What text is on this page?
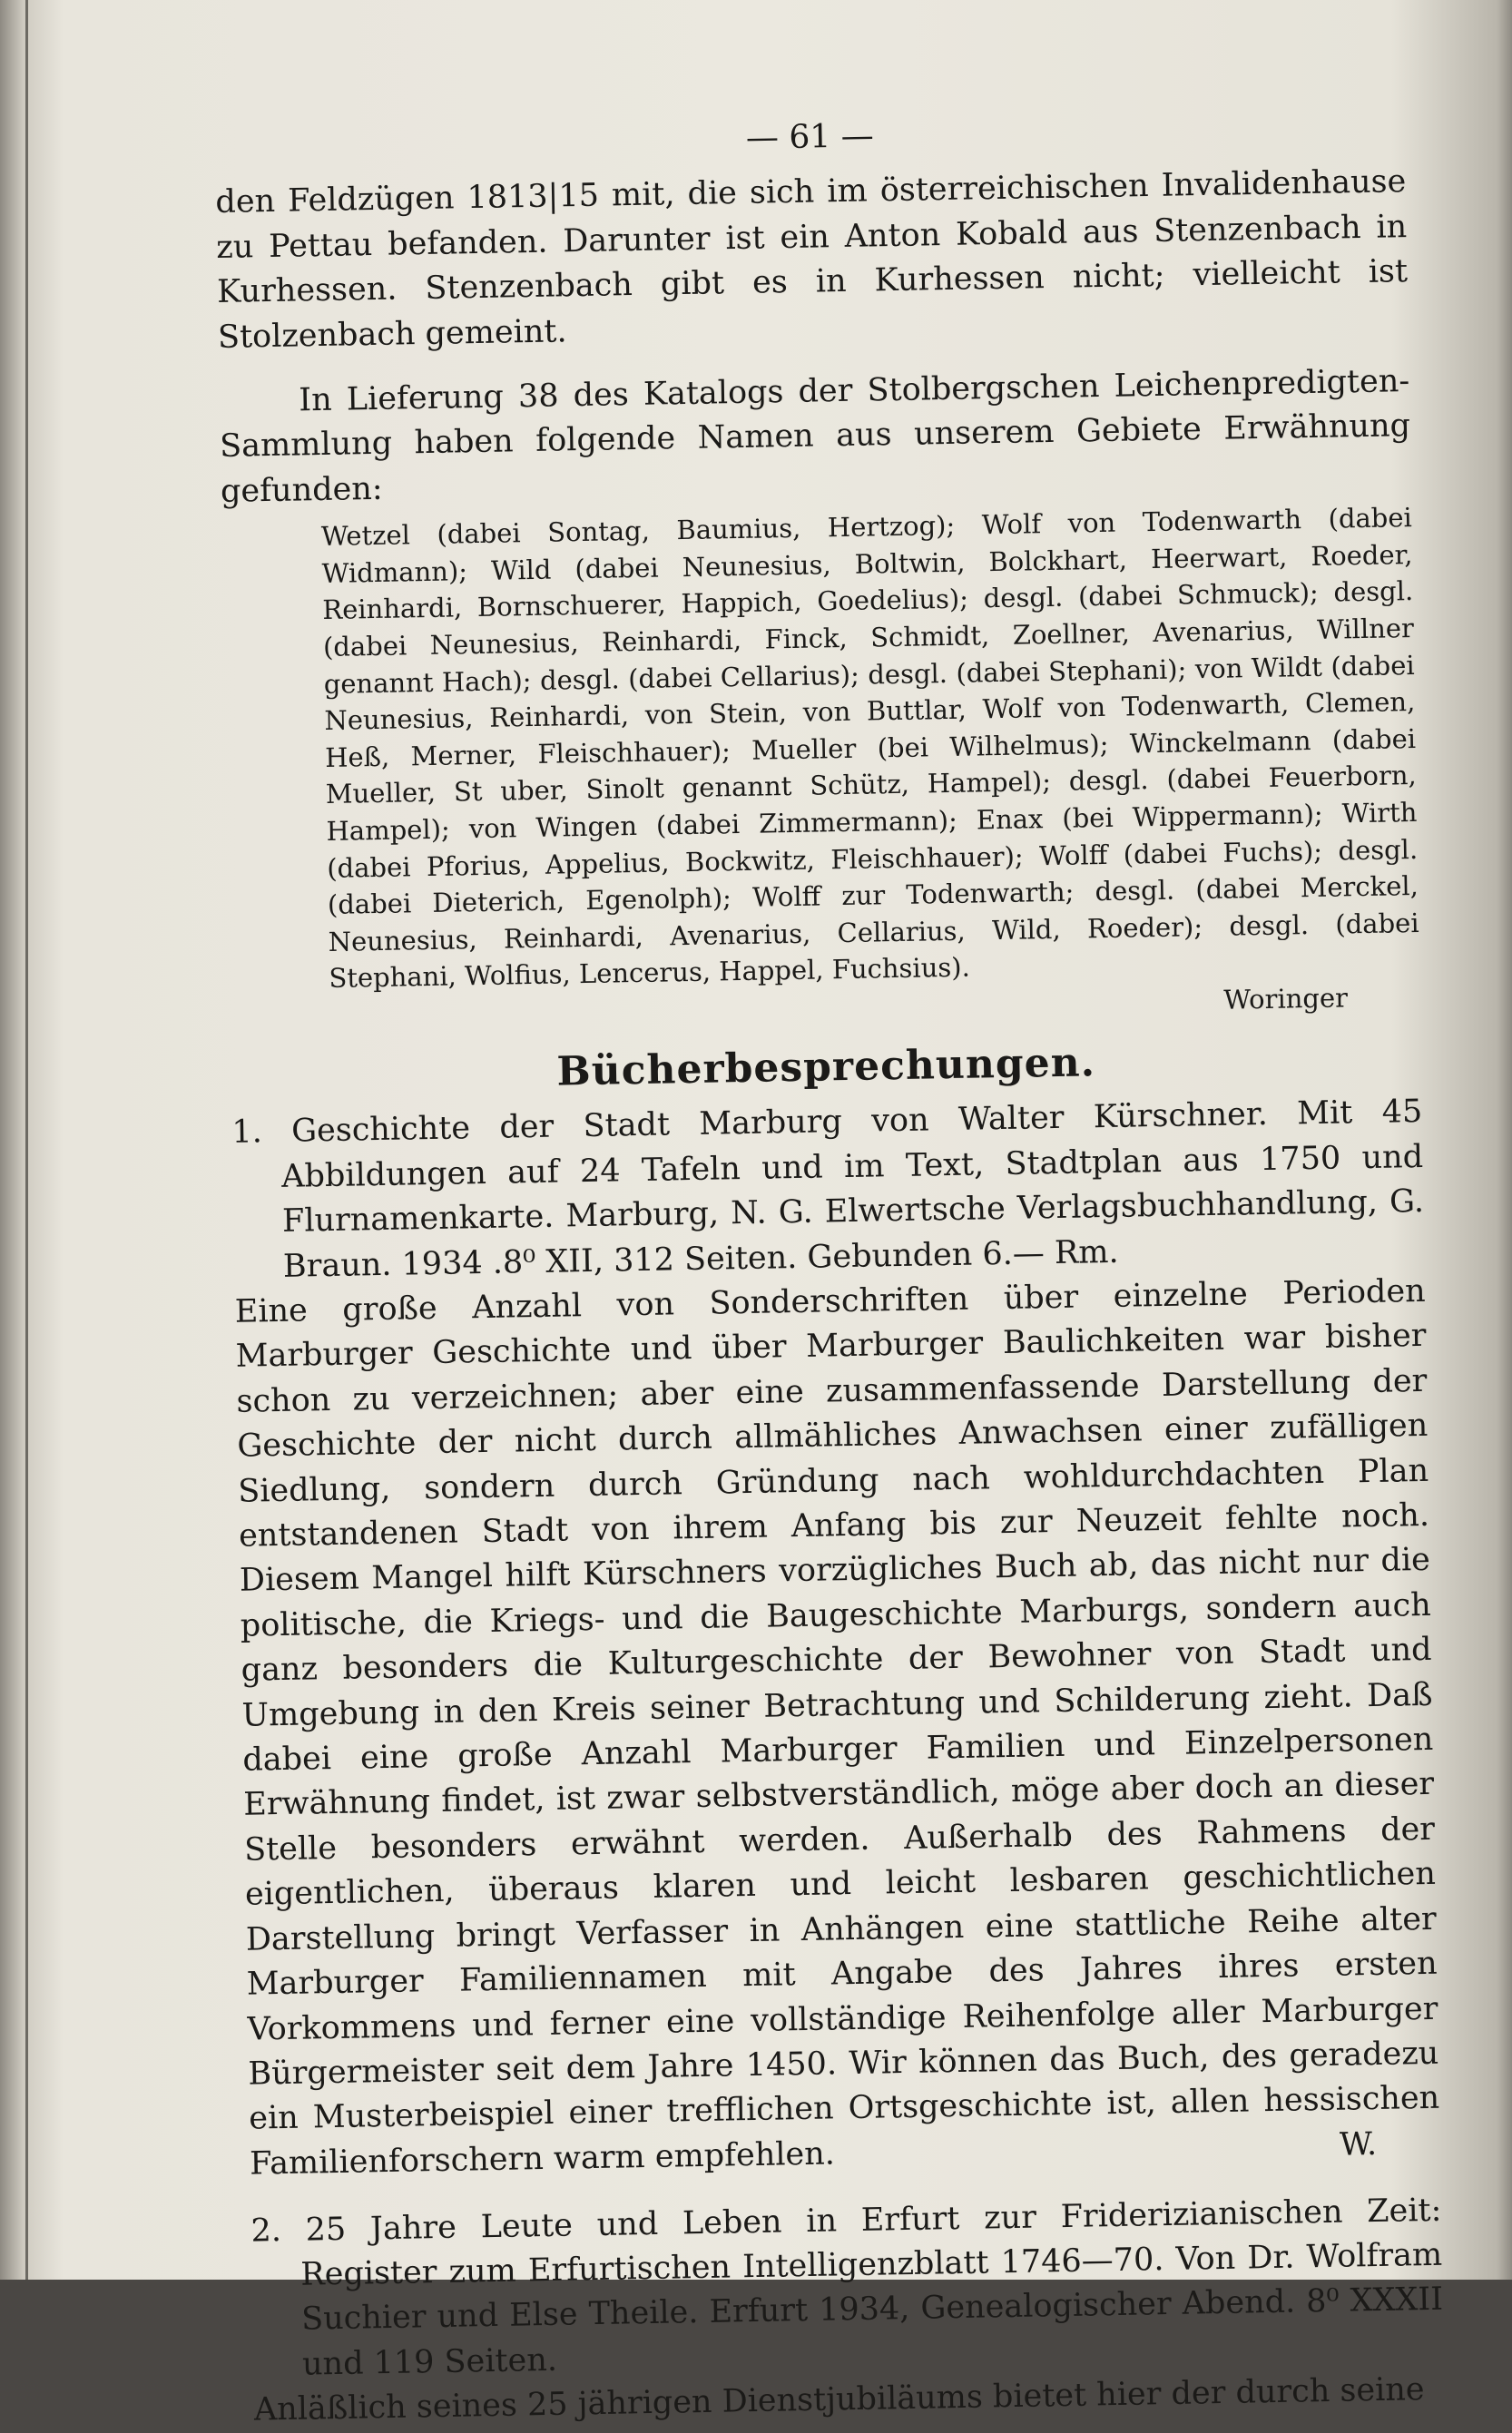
— 61 —

den Feldzügen 1813|15 mit, die sich im österreichischen Invalidenhause zu Pettau befanden. Darunter ist ein Anton Kobald aus Stenzenbach in Kurhessen. Stenzenbach gibt es in Kurhessen nicht; vielleicht ist Stolzenbach gemeint.

In Lieferung 38 des Katalogs der Stolbergschen Leichenpredigten-Sammlung haben folgende Namen aus unserem Gebiete Erwähnung gefunden:

Wetzel (dabei Sontag, Baumius, Hertzog); Wolf von Todenwarth (dabei Widmann); Wild (dabei Neunesius, Boltwin, Bolckhart, Heerwart, Roeder, Reinhardi, Bornschuerer, Happich, Goedelius); desgl. (dabei Schmuck); desgl. (dabei Neunesius, Reinhardi, Finck, Schmidt, Zoellner, Avenarius, Willner genannt Hach); desgl. (dabei Cellarius); desgl. (dabei Stephani); von Wildt (dabei Neunesius, Reinhardi, von Stein, von Buttlar, Wolf von Todenwarth, Clemen, Heß, Merner, Fleischhauer); Mueller (bei Wilhelmus); Winckelmann (dabei Mueller, St uber, Sinolt genannt Schütz, Hampel); desgl. (dabei Feuerborn, Hampel); von Wingen (dabei Zimmermann); Enax (bei Wippermann); Wirth (dabei Pforius, Appelius, Bockwitz, Fleischhauer); Wolff (dabei Fuchs); desgl. (dabei Dieterich, Egenolph); Wolff zur Todenwarth; desgl. (dabei Merckel, Neunesius, Reinhardi, Avenarius, Cellarius, Wild, Roeder); desgl. (dabei Stephani, Wolfius, Lencerus, Happel, Fuchsius).

Woringer
Bücherbesprechungen.

1. Geschichte der Stadt Marburg von Walter Kürschner. Mit 45 Abbildungen auf 24 Tafeln und im Text, Stadtplan aus 1750 und Flurnamenkarte. Marburg, N. G. Elwertsche Verlagsbuchhandlung, G. Braun. 1934 .8⁰ XII, 312 Seiten. Gebunden 6.— Rm.

Eine große Anzahl von Sonderschriften über einzelne Perioden Marburger Geschichte und über Marburger Baulichkeiten war bisher schon zu verzeichnen; aber eine zusammenfassende Darstellung der Geschichte der nicht durch allmähliches Anwachsen einer zufälligen Siedlung, sondern durch Gründung nach wohldurchdachten Plan entstandenen Stadt von ihrem Anfang bis zur Neuzeit fehlte noch. Diesem Mangel hilft Kürschners vorzügliches Buch ab, das nicht nur die politische, die Kriegs- und die Baugeschichte Marburgs, sondern auch ganz besonders die Kulturgeschichte der Bewohner von Stadt und Umgebung in den Kreis seiner Betrachtung und Schilderung zieht. Daß dabei eine große Anzahl Marburger Familien und Einzelpersonen Erwähnung findet, ist zwar selbstverständlich, möge aber doch an dieser Stelle besonders erwähnt werden. Außerhalb des Rahmens der eigentlichen, überaus klaren und leicht lesbaren geschichtlichen Darstellung bringt Verfasser in Anhängen eine stattliche Reihe alter Marburger Familiennamen mit Angabe des Jahres ihres ersten Vorkommens und ferner eine vollständige Reihenfolge aller Marburger Bürgermeister seit dem Jahre 1450. Wir können das Buch, des geradezu ein Musterbeispiel einer trefflichen Ortsgeschichte ist, allen hessischen Familienforschern warm empfehlen.	W.

2. 25 Jahre Leute und Leben in Erfurt zur Friderizianischen Zeit: Register zum Erfurtischen Intelligenzblatt 1746—70. Von Dr. Wolfram Suchier und Else Theile. Erfurt 1934, Genealogischer Abend. 8⁰ XXXII und 119 Seiten.

Anläßlich seines 25 jährigen Dienstjubiläums bietet hier der durch seine
